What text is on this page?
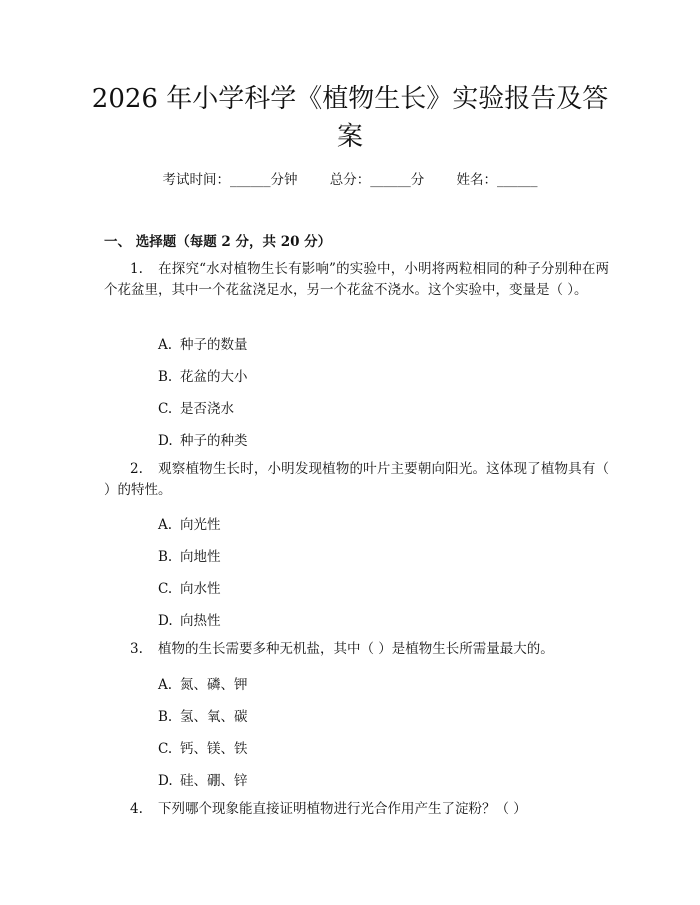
2026 年小学科学《植物生长》实验报告及答
案
考试时间：______分钟 总分：______分 姓名：______
一、 选择题（每题 2 分，共 20 分）
1. 在探究“水对植物生长有影响”的实验中，小明将两粒相同的种子分别种在两个花盆里，其中一个花盆浇足水，另一个花盆不浇水。这个实验中，变量是（ ）。
A. 种子的数量
B. 花盆的大小
C. 是否浇水
D. 种子的种类
2. 观察植物生长时，小明发现植物的叶片主要朝向阳光。这体现了植物具有（ ）的特性。
A. 向光性
B. 向地性
C. 向水性
D. 向热性
3. 植物的生长需要多种无机盐，其中（ ）是植物生长所需量最大的。
A. 氮、磷、钾
B. 氢、氧、碳
C. 钙、镁、铁
D. 硅、硼、锌
4. 下列哪个现象能直接证明植物进行光合作用产生了淀粉？（ ）
